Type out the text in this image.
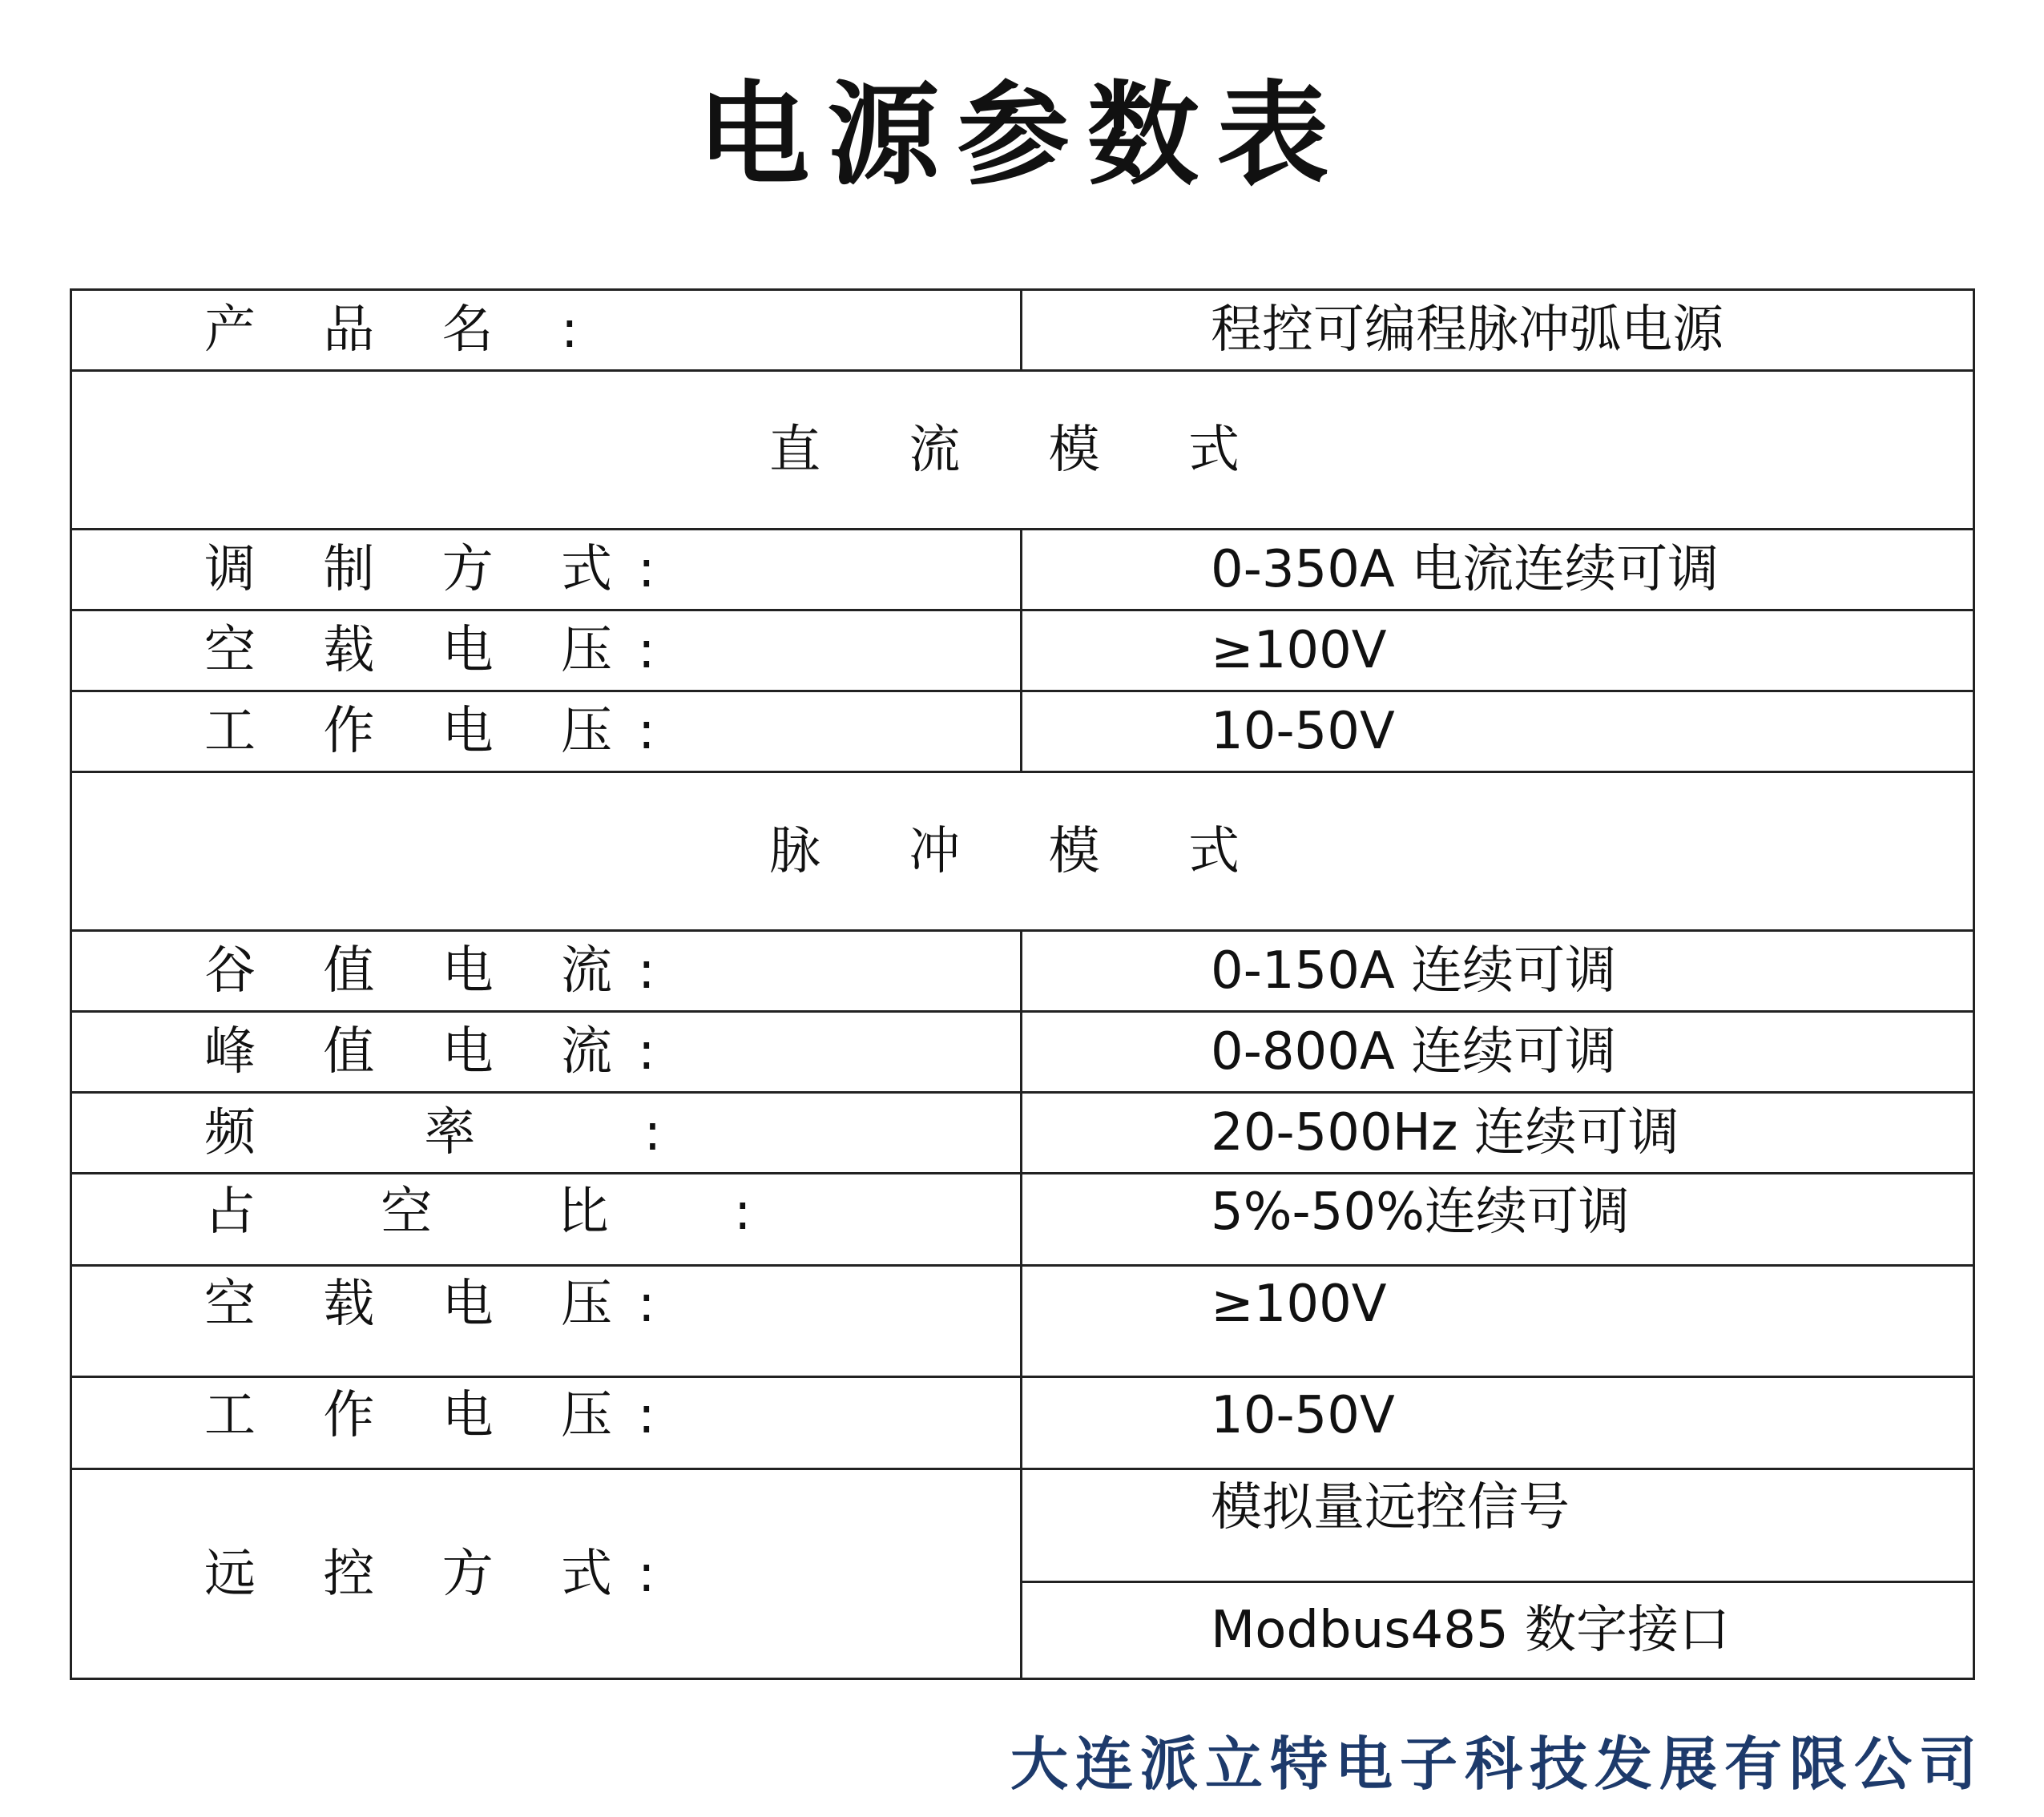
电源参数表
产 品 名 :	程控可编程脉冲弧电源
直 流 模 式	
调 制 方 式:	0-350A 电流连续可调
空 载 电 压:	≥100V
工 作 电 压:	10-50V
脉 冲 模 式	
谷 值 电 流:	0-150A 连续可调
峰 值 电 流:	0-800A 连续可调
频 率 :	20-500Hz 连续可调
占 空 比 :	5%-50%连续可调
空 载 电 压:	≥100V
工 作 电 压:	10-50V
远 控 方 式:	模拟量远控信号
	Modbus485 数字接口
大连派立特电子科技发展有限公司
